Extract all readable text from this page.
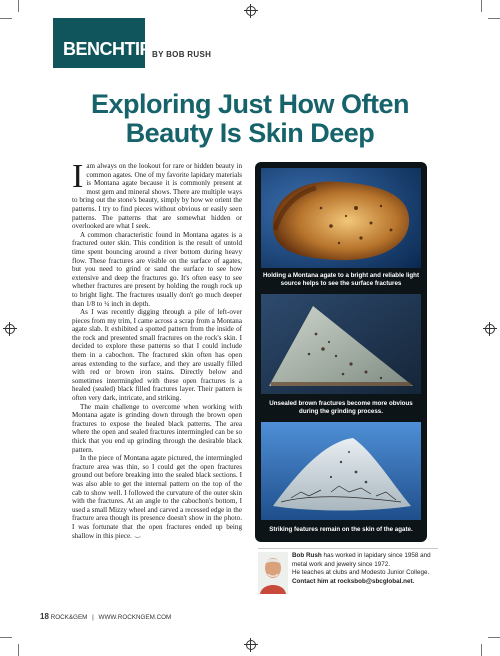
BENCHTIPS
BY BOB RUSH
Exploring Just How Often
Beauty Is Skin Deep

Iam always on the lookout for rare or hidden beauty in common agates. One of my favorite lapidary materials is Montana agate because it is commonly present at most gem and mineral shows. There are multiple ways to bring out the stone's beauty, simply by how we orient the patterns. I try to find pieces without obvious or easily seen patterns. The patterns that are somewhat hidden or overlooked are what I seek.

A common characteristic found in Montana agates is a fractured outer skin. This condition is the result of untold time spent bouncing around a river bottom during heavy flow. These fractures are visible on the surface of agates, but you need to grind or sand the surface to see how extensive and deep the fractures go. It's often easy to see whether fractures are present by holding the rough rock up to bright light. The fractures usually don't go much deeper than 1/8 to ¼ inch in depth.

As I was recently digging through a pile of left-over pieces from my trim, I came across a scrap from a Montana agate slab. It exhibited a spotted pattern from the inside of the rock and presented small fractures on the rock's skin. I decided to explore these patterns so that I could include them in a cabochon. The fractured skin often has open areas extending to the surface, and they are usually filled with red or brown iron stains. Directly below and sometimes intermingled with these open fractures is a healed (sealed) black filled fractures layer. Their pattern is often very dark, intricate, and striking.

The main challenge to overcome when working with Montana agate is grinding down through the brown open fractures to expose the healed black patterns. The area where the open and sealed fractures intermingled can be so thick that you end up grinding through the desirable black pattern.

In the piece of Montana agate pictured, the intermingled fracture area was thin, so I could get the open fractures ground out before breaking into the sealed black sections. I was also able to get the internal pattern on the top of the cab to show well. I followed the curvature of the outer skin with the fractures. At an angle to the cabochon's bottom, I used a small Mizzy wheel and carved a recessed edge in the fracture area though its presence doesn't show in the photo. I was fortunate that the open fractures ended up being shallow in this piece.

Holding a Montana agate to a bright and reliable light source helps to see the surface fractures
Unsealed brown fractures become more obvious during the grinding process.
Striking features remain on the skin of the agate.
Bob Rush has worked in lapidary since 1958 and
metal work and jewelry since 1972.
He teaches at clubs and Modesto Junior College.
Contact him at rocksbob@sbcglobal.net.
18 ROCK&GEM | WWW.ROCKNGEM.COM
